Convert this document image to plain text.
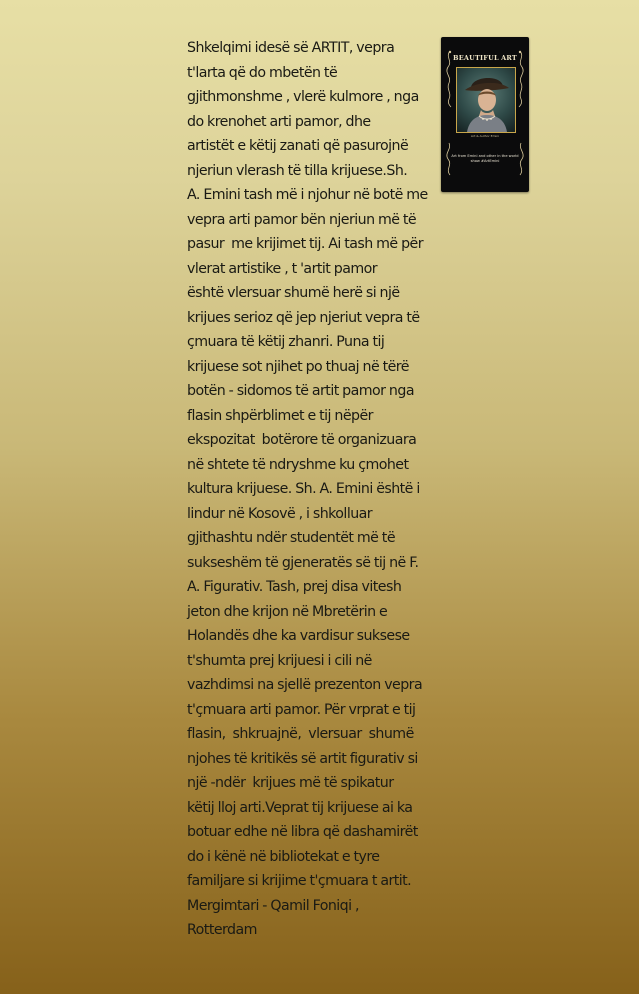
Shkelqimi idesë së ARTIT, vepra
t'larta që do mbetën të
gjithmonshme , vlerë kulmore , nga
do krenohet arti pamor, dhe
artistët e këtij zanati që pasurojnë
njeriun vlerash të tilla krijuese.Sh.
A. Emini tash më i njohur në botë me
vepra arti pamor bën njeriun më të
pasur  me krijimet tij. Ai tash më për
vlerat artistike , t 'artit pamor
është vlersuar shumë herë si një
krijues serioz që jep njeriut vepra të
çmuara të këtij zhanri. Puna tij
krijuese sot njihet po thuaj në tërë
botën - sidomos të artit pamor nga
flasin shpërblimet e tij nëpër
ekspozitat  botërore të organizuara
në shtete të ndryshme ku çmohet
kultura krijuese. Sh. A. Emini është i
lindur në Kosovë , i shkolluar
gjithashtu ndër studentët më të
sukseshëm të gjeneratës së tij në F.
A. Figurativ. Tash, prej disa vitesh
jeton dhe krijon në Mbretërin e
Holandës dhe ka vardisur suksese
t'shumta prej krijuesi i cili në
vazhdimsi na sjellë prezenton vepra
t'çmuara arti pamor. Për vrprat e tij
flasin,  shkruajnë,  vlersuar  shumë
njohes të kritikës së artit figurativ si
një -ndër  krijues më të spikatur
këtij lloj arti.Veprat tij krijuese ai ka
botuar edhe në libra që dashamirët
do i kënë në bibliotekat e tyre
familjare si krijime t'çmuara t artit.
Mergimtari - Qamil Foniqi ,
Rotterdam
BEAUTIFUL ART
Art & Author Emini
Art from Emini and other in the world
show #ArtEmini
